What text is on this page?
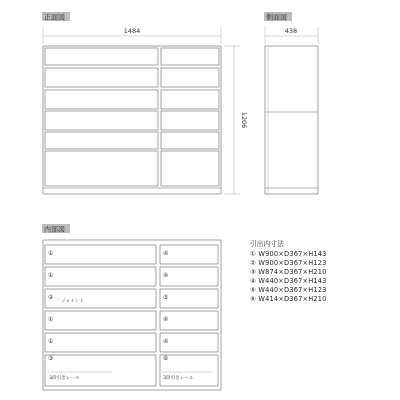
正面図
1484
1206
側面図
438
内部図
①
①
②
①
①
③
④
④
⑤
④
④
⑥
ジョイント
3段引きレール	3段引きレール
引出内寸法
① W900×D367×H143
② W900×D367×H123
③ W874×D367×H210
④ W440×D367×H143
⑤ W440×D367×H123
⑥ W414×D367×H210
